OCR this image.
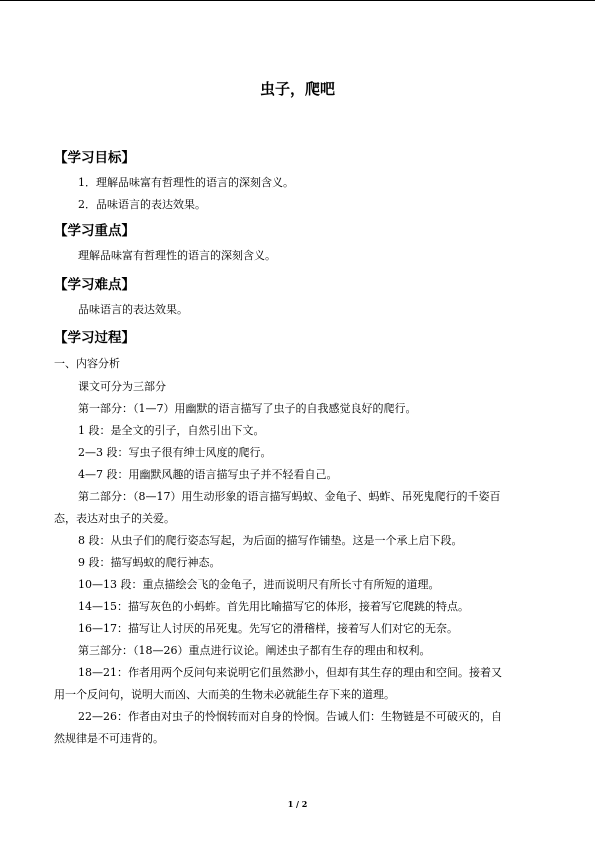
虫子，爬吧
【学习目标】
1．理解品味富有哲理性的语言的深刻含义。
2．品味语言的表达效果。
【学习重点】
理解品味富有哲理性的语言的深刻含义。
【学习难点】
品味语言的表达效果。
【学习过程】
一、内容分析
课文可分为三部分
第一部分：（1—7）用幽默的语言描写了虫子的自我感觉良好的爬行。
1 段：是全文的引子，自然引出下文。
2—3 段：写虫子很有绅士风度的爬行。
4—7 段：用幽默风趣的语言描写虫子并不轻看自己。
第二部分：（8—17）用生动形象的语言描写蚂蚁、金龟子、蚂蚱、吊死鬼爬行的千姿百
态，表达对虫子的关爱。
8 段：从虫子们的爬行姿态写起，为后面的描写作铺垫。这是一个承上启下段。
9 段：描写蚂蚁的爬行神态。
10—13 段：重点描绘会飞的金龟子，进而说明尺有所长寸有所短的道理。
14—15：描写灰色的小蚂蚱。首先用比喻描写它的体形，接着写它爬跳的特点。
16—17：描写让人讨厌的吊死鬼。先写它的滑稽样，接着写人们对它的无奈。
第三部分：（18—26）重点进行议论。阐述虫子都有生存的理由和权利。
18—21：作者用两个反问句来说明它们虽然渺小，但却有其生存的理由和空间。接着又
用一个反问句，说明大而凶、大而美的生物未必就能生存下来的道理。
22—26：作者由对虫子的怜悯转而对自身的怜悯。告诫人们：生物链是不可破灭的，自
然规律是不可违背的。
1 / 2
